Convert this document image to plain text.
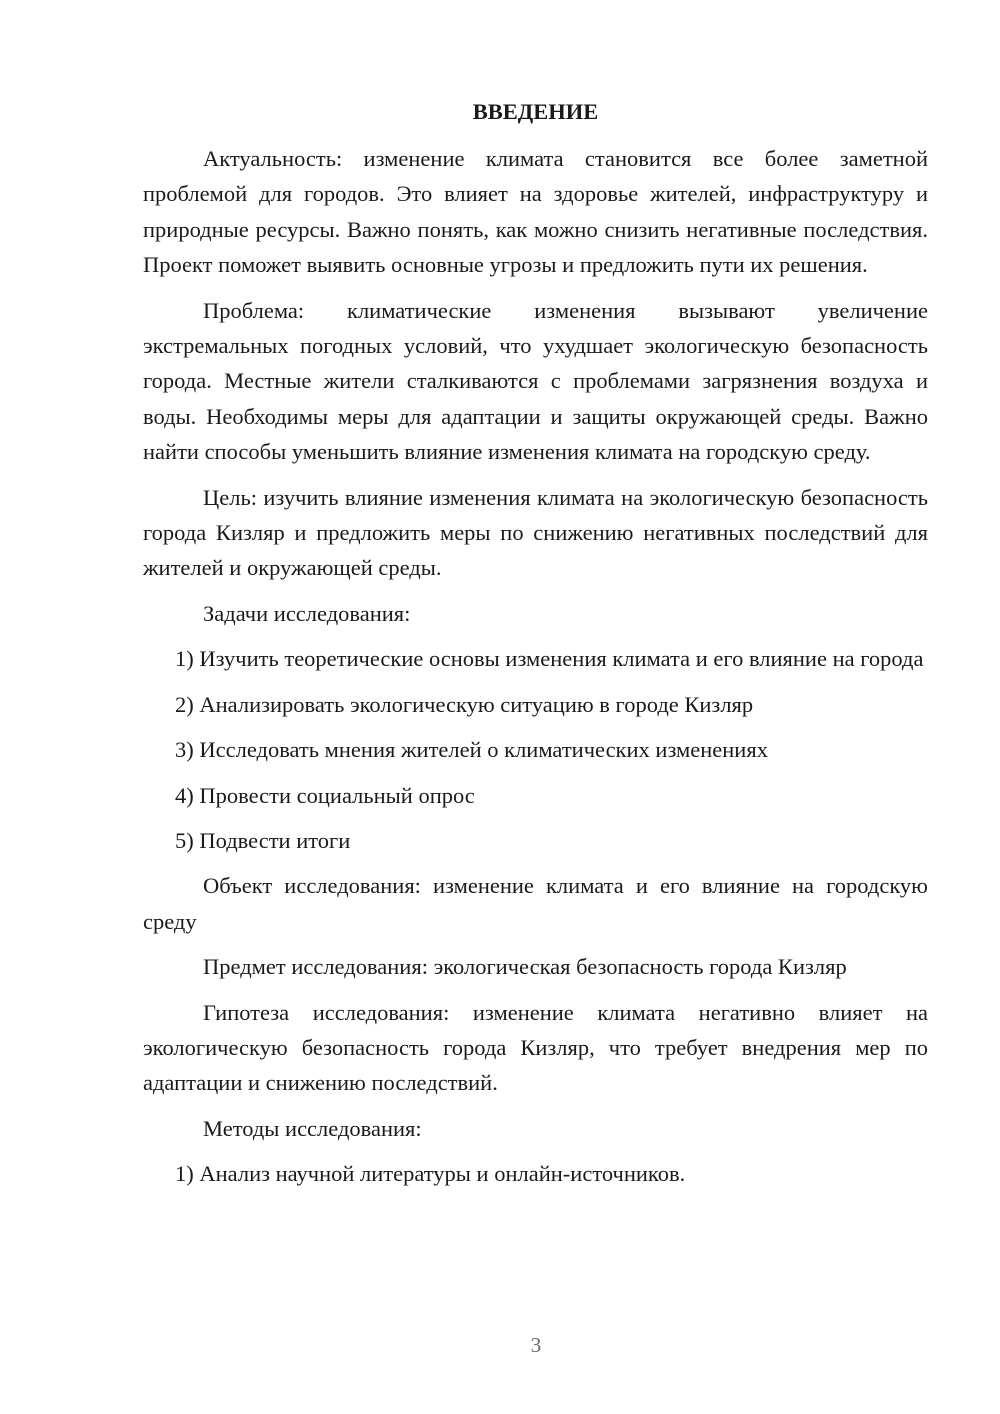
ВВЕДЕНИЕ

Актуальность: изменение климата становится все более заметной проблемой для городов. Это влияет на здоровье жителей, инфраструктуру и природные ресурсы. Важно понять, как можно снизить негативные последствия. Проект поможет выявить основные угрозы и предложить пути их решения.

Проблема: климатические изменения вызывают увеличение экстремальных погодных условий, что ухудшает экологическую безопасность города. Местные жители сталкиваются с проблемами загрязнения воздуха и воды. Необходимы меры для адаптации и защиты окружающей среды. Важно найти способы уменьшить влияние изменения климата на городскую среду.

Цель: изучить влияние изменения климата на экологическую безопасность города Кизляр и предложить меры по снижению негативных последствий для жителей и окружающей среды.

Задачи исследования:

1) Изучить теоретические основы изменения климата и его влияние на города

2) Анализировать экологическую ситуацию в городе Кизляр

3) Исследовать мнения жителей о климатических изменениях

4) Провести социальный опрос

5) Подвести итоги

Объект исследования: изменение климата и его влияние на городскую среду

Предмет исследования: экологическая безопасность города Кизляр

Гипотеза исследования: изменение климата негативно влияет на экологическую безопасность города Кизляр, что требует внедрения мер по адаптации и снижению последствий.

Методы исследования:

1) Анализ научной литературы и онлайн-источников.

3
